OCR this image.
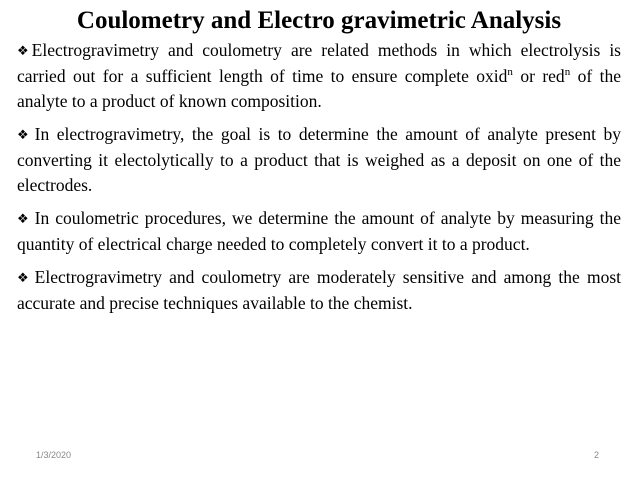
Coulometry and Electro gravimetric Analysis

❖ Electrogravimetry and coulometry are related methods in which electrolysis is carried out for a sufficient length of time to ensure complete oxid$^n$ or red$^n$ of the analyte to a product of known composition.

❖ In electrogravimetry, the goal is to determine the amount of analyte present by converting it electolytically to a product that is weighed as a deposit on one of the electrodes.

❖ In coulometric procedures, we determine the amount of analyte by measuring the quantity of electrical charge needed to completely convert it to a product.

❖ Electrogravimetry and coulometry are moderately sensitive and among the most accurate and precise techniques available to the chemist.

1/3/2020	2
